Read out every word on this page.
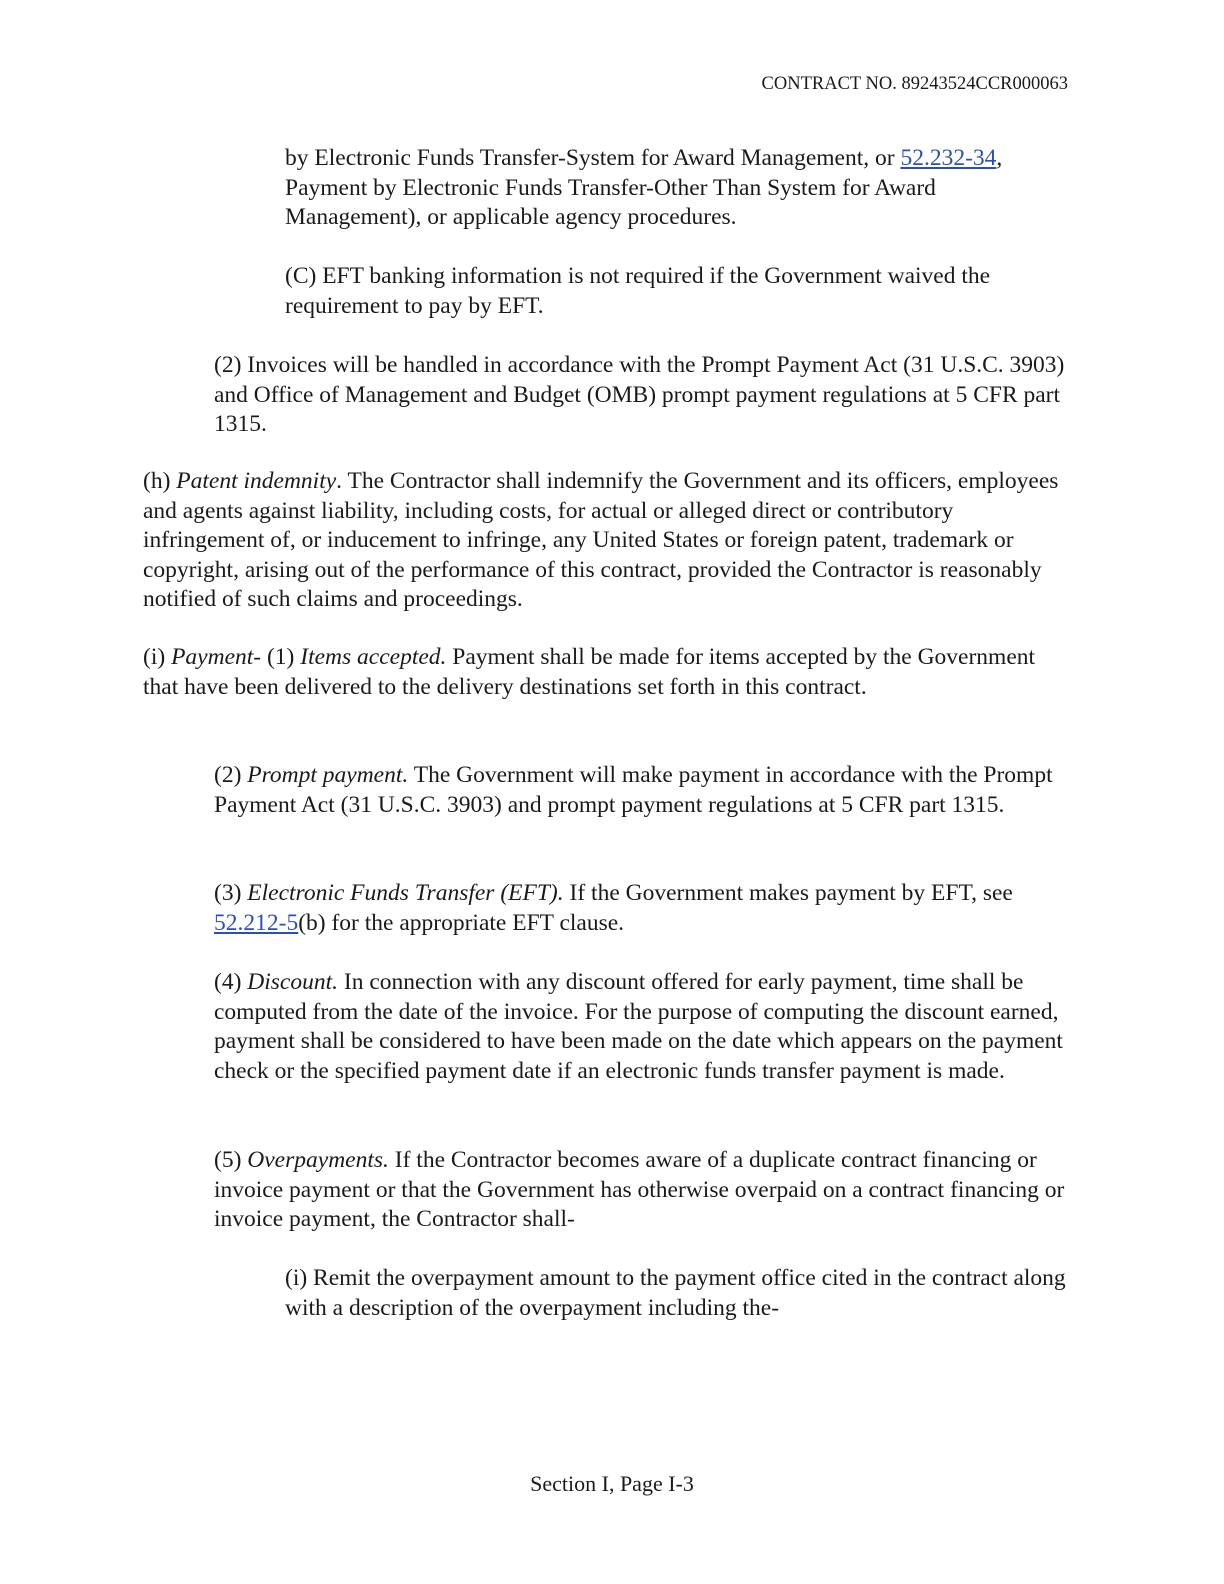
CONTRACT NO. 89243524CCR000063

by Electronic Funds Transfer-System for Award Management, or 52.232-34, Payment by Electronic Funds Transfer-Other Than System for Award Management), or applicable agency procedures.

(C) EFT banking information is not required if the Government waived the requirement to pay by EFT.

(2) Invoices will be handled in accordance with the Prompt Payment Act (31 U.S.C. 3903) and Office of Management and Budget (OMB) prompt payment regulations at 5 CFR part 1315.

(h) Patent indemnity. The Contractor shall indemnify the Government and its officers, employees and agents against liability, including costs, for actual or alleged direct or contributory infringement of, or inducement to infringe, any United States or foreign patent, trademark or copyright, arising out of the performance of this contract, provided the Contractor is reasonably notified of such claims and proceedings.

(i) Payment- (1) Items accepted. Payment shall be made for items accepted by the Government that have been delivered to the delivery destinations set forth in this contract.

(2) Prompt payment. The Government will make payment in accordance with the Prompt Payment Act (31 U.S.C. 3903) and prompt payment regulations at 5 CFR part 1315.

(3) Electronic Funds Transfer (EFT). If the Government makes payment by EFT, see 52.212-5(b) for the appropriate EFT clause.

(4) Discount. In connection with any discount offered for early payment, time shall be computed from the date of the invoice. For the purpose of computing the discount earned, payment shall be considered to have been made on the date which appears on the payment check or the specified payment date if an electronic funds transfer payment is made.

(5) Overpayments. If the Contractor becomes aware of a duplicate contract financing or invoice payment or that the Government has otherwise overpaid on a contract financing or invoice payment, the Contractor shall-

(i) Remit the overpayment amount to the payment office cited in the contract along with a description of the overpayment including the-

Section I, Page I-3
